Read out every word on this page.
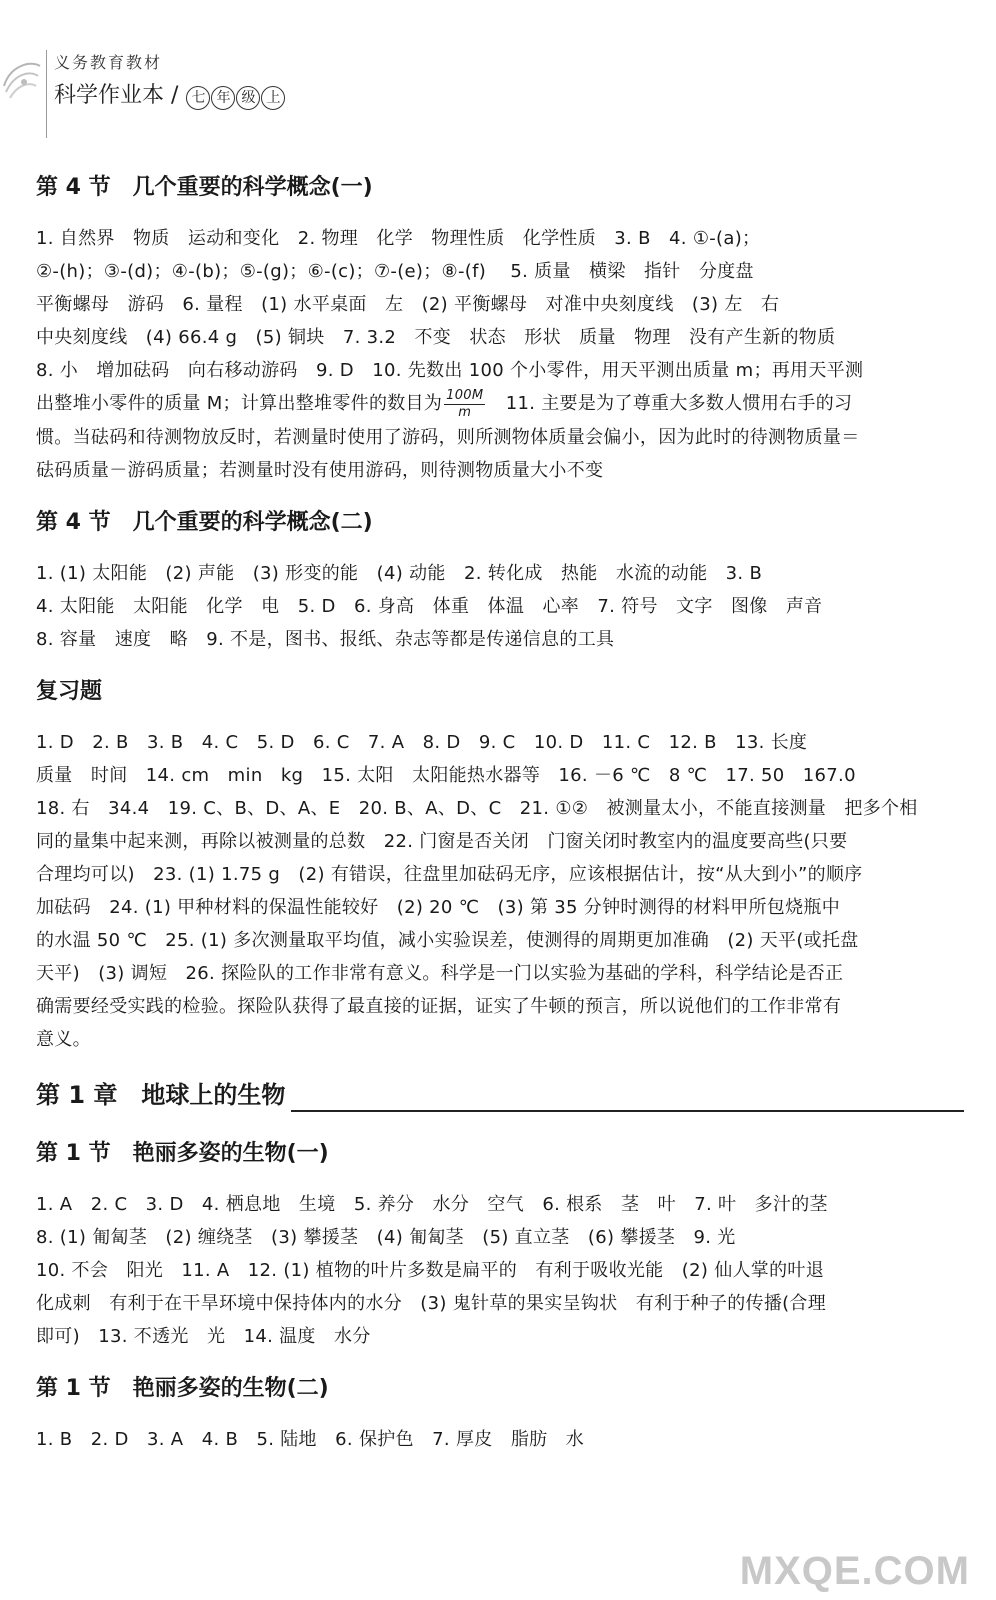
义务教育教材
科学作业本 / 七 年 级 上
第 4 节　几个重要的科学概念(一)

1. 自然界　物质　运动和变化　2. 物理　化学　物理性质　化学性质　3. B　4. ①-(a)；

②-(h)；③-(d)；④-(b)；⑤-(g)；⑥-(c)；⑦-(e)；⑧-(f)　 5. 质量　横梁　指针　分度盘

平衡螺母　游码　6. 量程　(1) 水平桌面　左　(2) 平衡螺母　对准中央刻度线　(3) 左　右

中央刻度线　(4) 66.4 g　(5) 铜块　7. 3.2　不变　状态　形状　质量　物理　没有产生新的物质

8. 小　增加砝码　向右移动游码　9. D　10. 先数出 100 个小零件，用天平测出质量 m；再用天平测

出整堆小零件的质量 M；计算出整堆零件的数目为 $\frac{100M}{m}$ 　11. 主要是为了尊重大多数人惯用右手的习

惯。当砝码和待测物放反时，若测量时使用了游码，则所测物体质量会偏小，因为此时的待测物质量＝

砝码质量－游码质量；若测量时没有使用游码，则待测物质量大小不变

第 4 节　几个重要的科学概念(二)

1. (1) 太阳能　(2) 声能　(3) 形变的能　(4) 动能　2. 转化成　热能　水流的动能　3. B

4. 太阳能　太阳能　化学　电　5. D　6. 身高　体重　体温　心率　7. 符号　文字　图像　声音

8. 容量　速度　略　9. 不是，图书、报纸、杂志等都是传递信息的工具

复习题

1. D　2. B　3. B　4. C　5. D　6. C　7. A　8. D　9. C　10. D　11. C　12. B　13. 长度

质量　时间　14. cm　min　kg　15. 太阳　太阳能热水器等　16. －6 ℃　8 ℃　17. 50　167.0

18. 右　34.4　19. C、B、D、A、E　20. B、A、D、C　21. ①②　被测量太小，不能直接测量　把多个相

同的量集中起来测，再除以被测量的总数　22. 门窗是否关闭　门窗关闭时教室内的温度要高些(只要

合理均可以)　23. (1) 1.75 g　(2) 有错误，往盘里加砝码无序，应该根据估计，按“从大到小”的顺序

加砝码　24. (1) 甲种材料的保温性能较好　(2) 20 ℃　(3) 第 35 分钟时测得的材料甲所包烧瓶中

的水温 50 ℃　25. (1) 多次测量取平均值，减小实验误差，使测得的周期更加准确　(2) 天平(或托盘

天平)　(3) 调短　26. 探险队的工作非常有意义。科学是一门以实验为基础的学科，科学结论是否正

确需要经受实践的检验。探险队获得了最直接的证据，证实了牛顿的预言，所以说他们的工作非常有

意义。

第 1 章　地球上的生物
第 1 节　艳丽多姿的生物(一)

1. A　2. C　3. D　4. 栖息地　生境　5. 养分　水分　空气　6. 根系　茎　叶　7. 叶　多汁的茎

8. (1) 匍匐茎　(2) 缠绕茎　(3) 攀援茎　(4) 匍匐茎　(5) 直立茎　(6) 攀援茎　9. 光

10. 不会　阳光　11. A　12. (1) 植物的叶片多数是扁平的　有利于吸收光能　(2) 仙人掌的叶退

化成刺　有利于在干旱环境中保持体内的水分　(3) 鬼针草的果实呈钩状　有利于种子的传播(合理

即可)　13. 不透光　光　14. 温度　水分

第 1 节　艳丽多姿的生物(二)

1. B　2. D　3. A　4. B　5. 陆地　6. 保护色　7. 厚皮　脂肪　水

MXQE.COM
